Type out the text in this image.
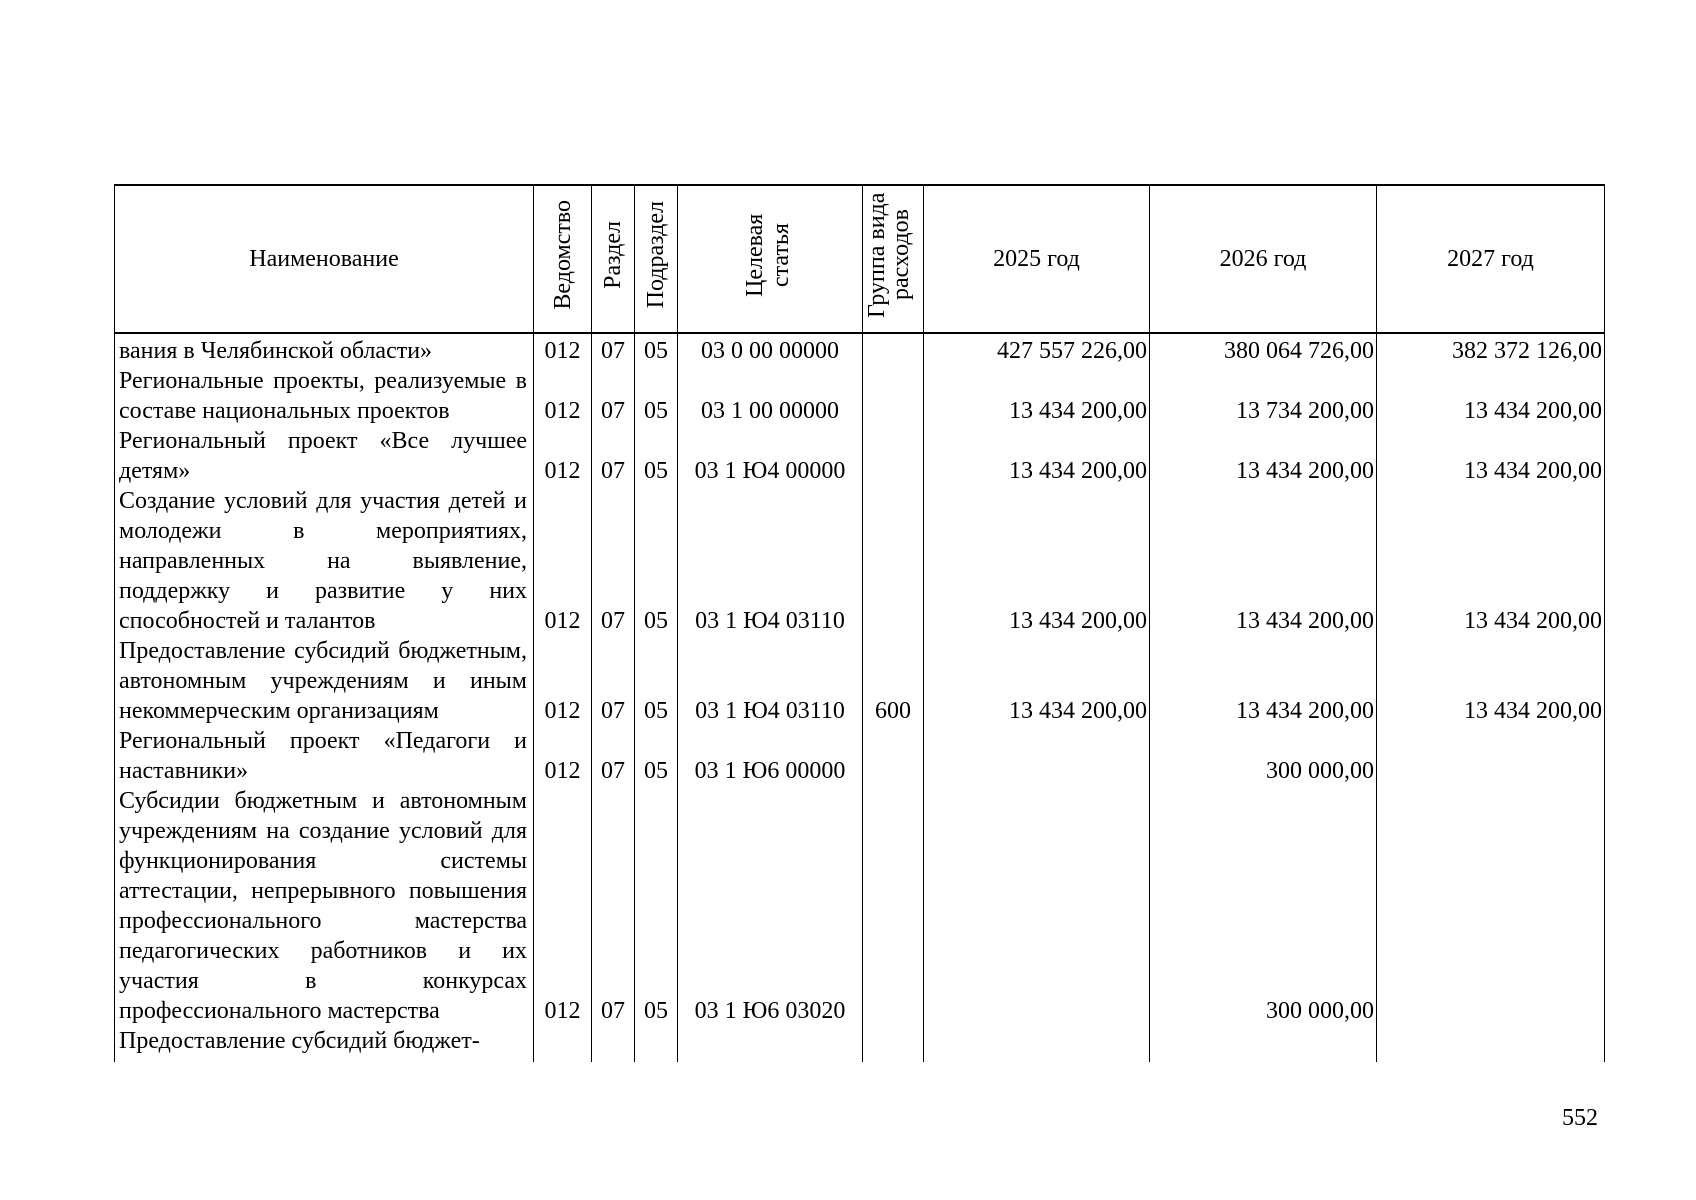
Наименование	Ведомство	Раздел	Подраздел	Целевая статья	Группа вида расходов	2025 год	2026 год	2027 год
вания в Челябинской области»	012	07	05	03 0 00 00000		427 557 226,00	380 064 726,00	382 372 126,00
Региональные проекты, реализуемые в составе национальных проектов	012	07	05	03 1 00 00000		13 434 200,00	13 734 200,00	13 434 200,00
Региональный проект «Все лучшее детям»	012	07	05	03 1 Ю4 00000		13 434 200,00	13 434 200,00	13 434 200,00
Создание условий для участия детей и молодежи в мероприятиях, направленных на выявление, поддержку и развитие у них способностей и талантов	012	07	05	03 1 Ю4 03110		13 434 200,00	13 434 200,00	13 434 200,00
Предоставление субсидий бюджетным, автономным учреждениям и иным некоммерческим организациям	012	07	05	03 1 Ю4 03110	600	13 434 200,00	13 434 200,00	13 434 200,00
Региональный проект «Педагоги и наставники»	012	07	05	03 1 Ю6 00000			300 000,00	
Субсидии бюджетным и автономным учреждениям на создание условий для функционирования системы аттестации, непрерывного повышения профессионального мастерства педагогических работников и их участия в конкурсах профессионального мастерства	012	07	05	03 1 Ю6 03020			300 000,00	
Предоставление субсидий бюджет-								
552
